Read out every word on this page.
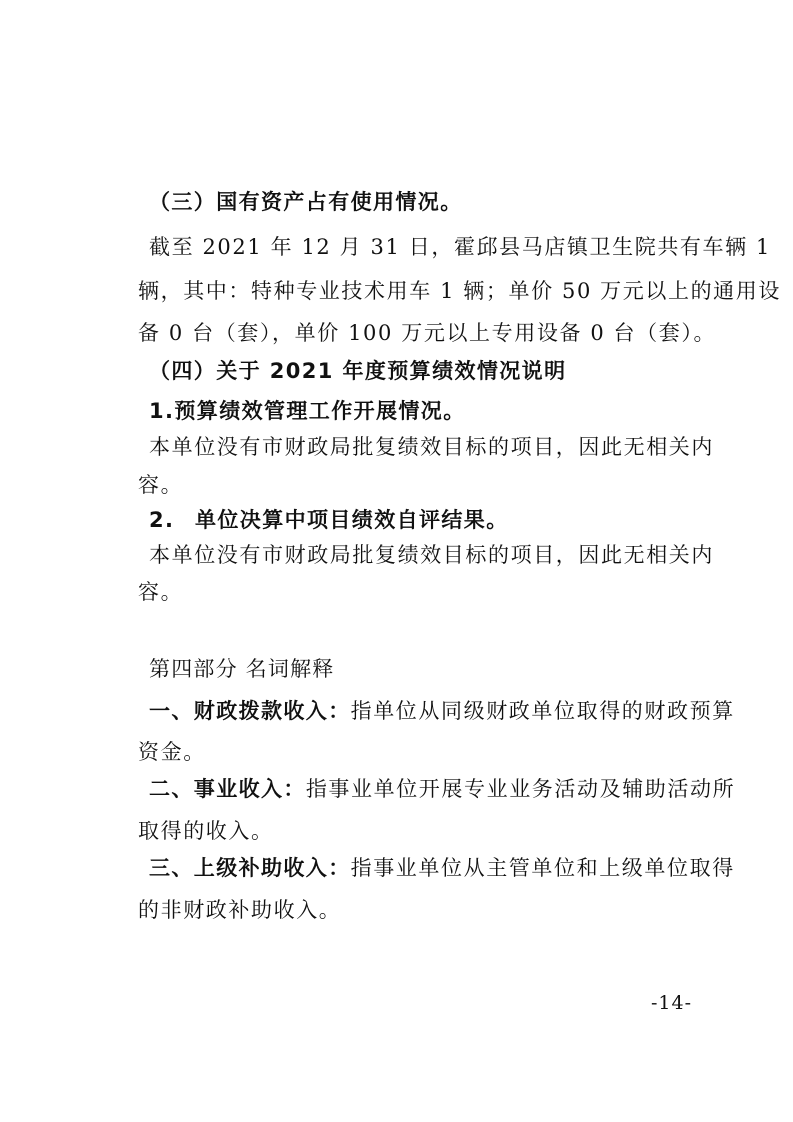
（三）国有资产占有使用情况。
截至 2021 年 12 月 31 日，霍邱县马店镇卫生院共有车辆 1
辆，其中：特种专业技术用车 1 辆；单价 50 万元以上的通用设
备 0 台（套），单价 100 万元以上专用设备 0 台（套）。
（四）关于 2021 年度预算绩效情况说明
1.预算绩效管理工作开展情况。
本单位没有市财政局批复绩效目标的项目，因此无相关内
容。
2. 单位决算中项目绩效自评结果。
本单位没有市财政局批复绩效目标的项目，因此无相关内
容。
第四部分 名词解释
一、财政拨款收入：指单位从同级财政单位取得的财政预算
资金。
二、事业收入：指事业单位开展专业业务活动及辅助活动所
取得的收入。
三、上级补助收入：指事业单位从主管单位和上级单位取得
的非财政补助收入。
-14-
